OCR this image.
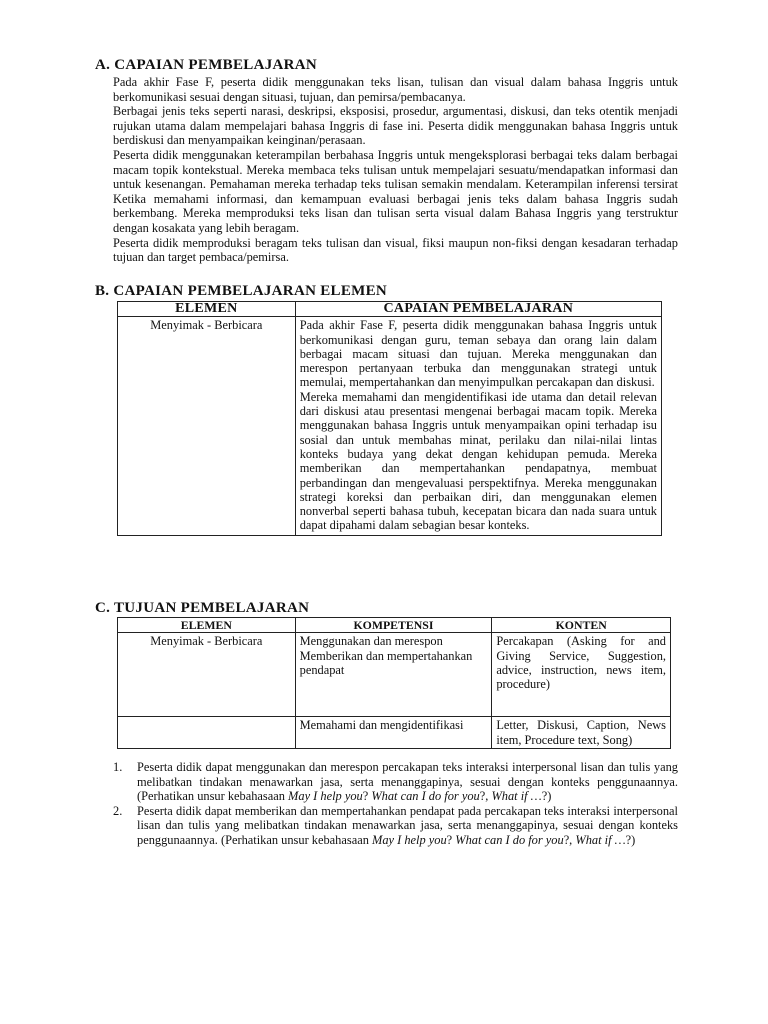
A. CAPAIAN PEMBELAJARAN

Pada akhir Fase F, peserta didik menggunakan teks lisan, tulisan dan visual dalam bahasa Inggris untuk berkomunikasi sesuai dengan situasi, tujuan, dan pemirsa/pembacanya.

Berbagai jenis teks seperti narasi, deskripsi, eksposisi, prosedur, argumentasi, diskusi, dan teks otentik menjadi rujukan utama dalam mempelajari bahasa Inggris di fase ini. Peserta didik menggunakan bahasa Inggris untuk berdiskusi dan menyampaikan keinginan/perasaan.

Peserta didik menggunakan keterampilan berbahasa Inggris untuk mengeksplorasi berbagai teks dalam berbagai macam topik kontekstual. Mereka membaca teks tulisan untuk mempelajari sesuatu/mendapatkan informasi dan untuk kesenangan. Pemahaman mereka terhadap teks tulisan semakin mendalam. Keterampilan inferensi tersirat Ketika memahami informasi, dan kemampuan evaluasi berbagai jenis teks dalam bahasa Inggris sudah berkembang. Mereka memproduksi teks lisan dan tulisan serta visual dalam Bahasa Inggris yang terstruktur dengan kosakata yang lebih beragam.

Peserta didik memproduksi beragam teks tulisan dan visual, fiksi maupun non-fiksi dengan kesadaran terhadap tujuan dan target pembaca/pemirsa.

B. CAPAIAN PEMBELAJARAN ELEMEN
ELEMEN	CAPAIAN PEMBELAJARAN
Menyimak - Berbicara	Pada akhir Fase F, peserta didik menggunakan bahasa Inggris untuk berkomunikasi dengan guru, teman sebaya dan orang lain dalam berbagai macam situasi dan tujuan. Mereka menggunakan dan merespon pertanyaan terbuka dan menggunakan strategi untuk memulai, mempertahankan dan menyimpulkan percakapan dan diskusi.
Mereka memahami dan mengidentifikasi ide utama dan detail relevan dari diskusi atau presentasi mengenai berbagai macam topik. Mereka menggunakan bahasa Inggris untuk menyampaikan opini terhadap isu sosial dan untuk membahas minat, perilaku dan nilai-nilai lintas konteks budaya yang dekat dengan kehidupan pemuda. Mereka memberikan dan mempertahankan pendapatnya, membuat perbandingan dan mengevaluasi perspektifnya. Mereka menggunakan strategi koreksi dan perbaikan diri, dan menggunakan elemen nonverbal seperti bahasa tubuh, kecepatan bicara dan nada suara untuk dapat dipahami dalam sebagian besar konteks.
C. TUJUAN PEMBELAJARAN
ELEMEN	KOMPETENSI	KONTEN
Menyimak - Berbicara	Menggunakan dan merespon Memberikan dan mempertahankan pendapat	Percakapan (Asking for and Giving Service, Suggestion, advice, instruction, news item, procedure)
	Memahami dan mengidentifikasi	Letter, Diskusi, Caption, News item, Procedure text, Song)
1. Peserta didik dapat menggunakan dan merespon percakapan teks interaksi interpersonal lisan dan tulis yang melibatkan tindakan menawarkan jasa, serta menanggapinya, sesuai dengan konteks penggunaannya. (Perhatikan unsur kebahasaan May I help you? What can I do for you?, What if …?)
2. Peserta didik dapat memberikan dan mempertahankan pendapat pada percakapan teks interaksi interpersonal lisan dan tulis yang melibatkan tindakan menawarkan jasa, serta menanggapinya, sesuai dengan konteks penggunaannya. (Perhatikan unsur kebahasaan May I help you? What can I do for you?, What if …?)
